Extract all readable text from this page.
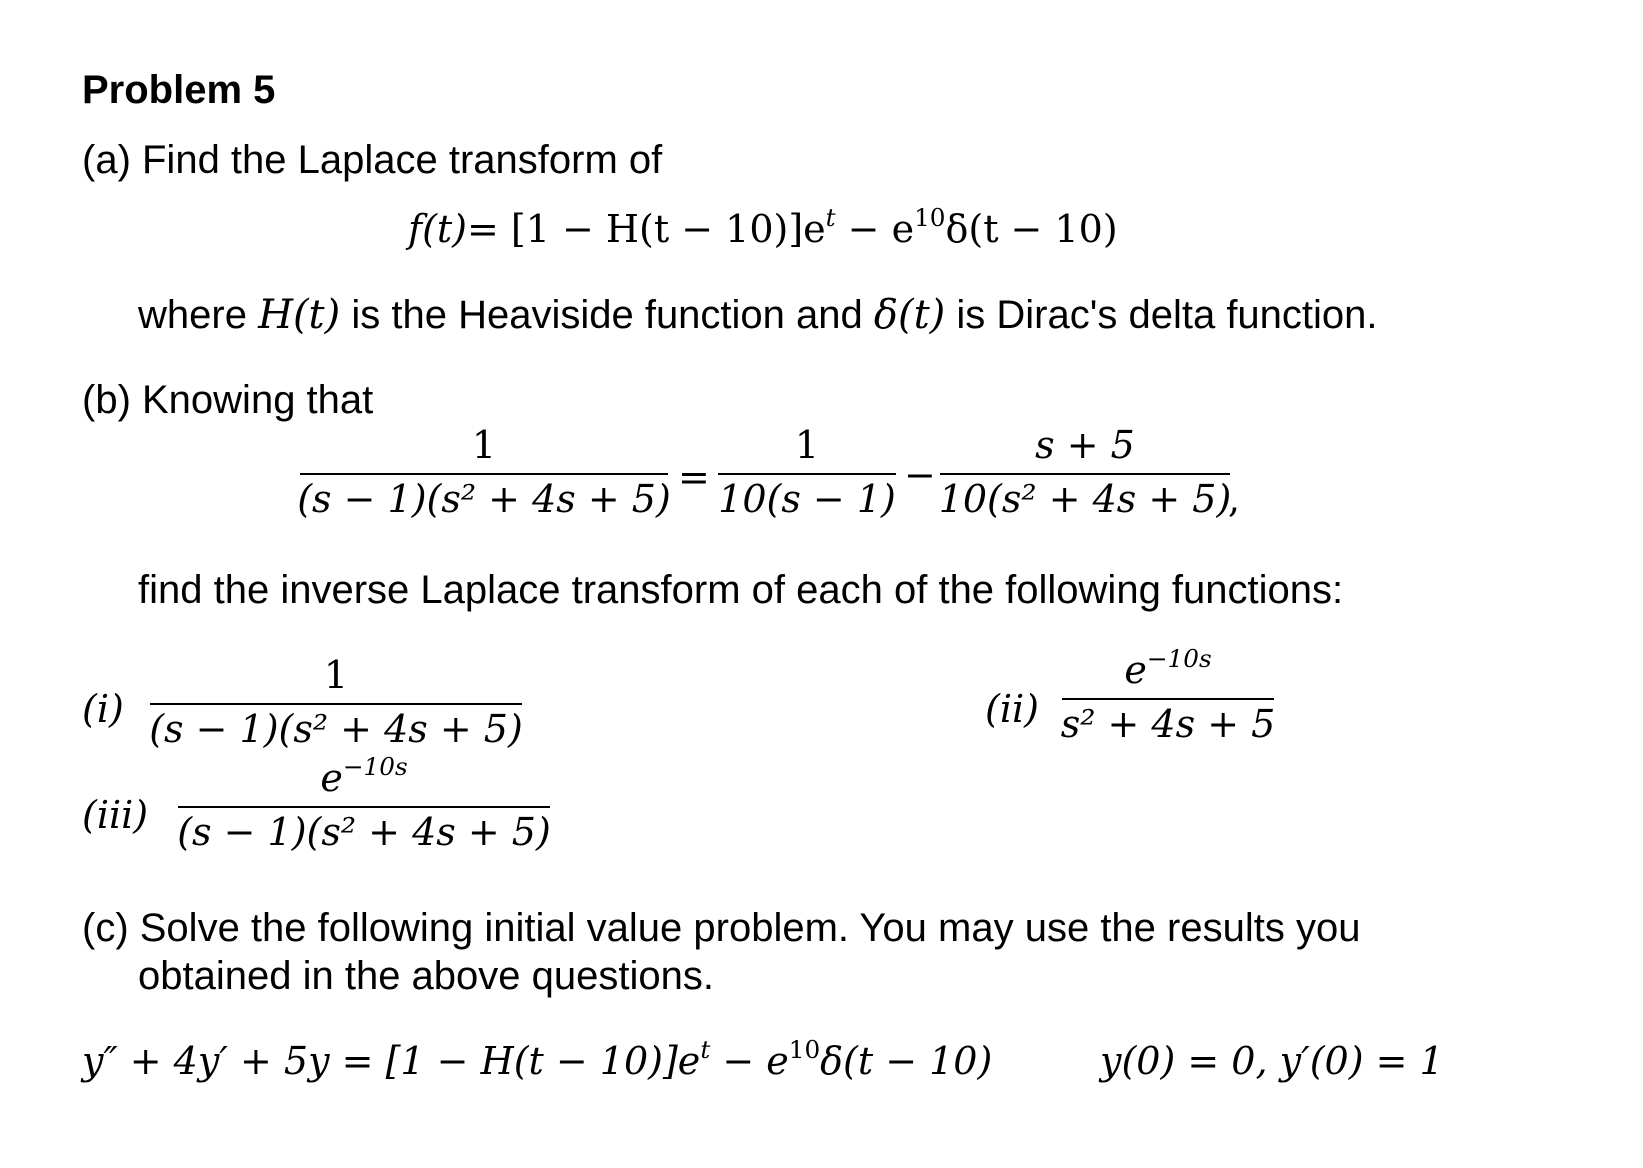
Problem 5
(a) Find the Laplace transform of
$f(t)= [1 - H(t - 10)]e^t - e^{10}\delta(t - 10)$
where H(t) is the Heaviside function and δ(t) is Dirac's delta function.
(b) Knowing that
1
(s − 1)(s² + 4s + 5) =
1
10(s − 1)
−
s + 5
10(s² + 4s + 5)
,
find the inverse Laplace transform of each of the following functions:
(i)
1
(s − 1)(s² + 4s + 5)	(ii)
$e^{-10s}$
s² + 4s + 5
(iii)
$e^{-10s}$
(s − 1)(s² + 4s + 5)
(c) Solve the following initial value problem. You may use the results you
obtained in the above questions.
$y'' + 4y' + 5y = [1 - H(t - 10)]e^t - e^{10}\delta(t - 10)$	y(0) = 0, y′(0) = 1
